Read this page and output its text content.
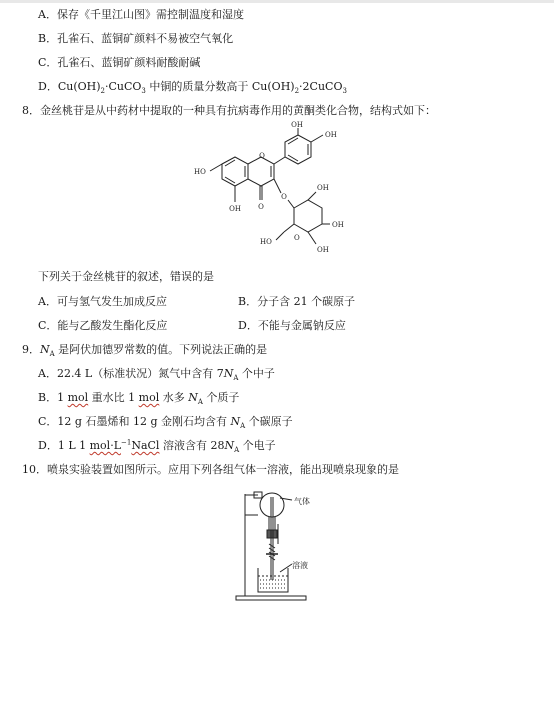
A．保存《千里江山图》需控制温度和湿度
B．孔雀石、蓝铜矿颜料不易被空气氧化
C．孔雀石、蓝铜矿颜料耐酸耐碱
D．$Cu(OH)_2\cdot CuCO_3$ 中铜的质量分数高于 $Cu(OH)_2\cdot 2CuCO_3$
8．金丝桃苷是从中药材中提取的一种具有抗病毒作用的黄酮类化合物，结构式如下：
OH
OH
HO
O
O
OH O
OH
O
OH
HO
OH
下列关于金丝桃苷的叙述，错误的是
A．可与氢气发生加成反应	B．分子含 21 个碳原子
C．能与乙酸发生酯化反应	D．不能与金属钠反应
9．$N_A$ 是阿伏加德罗常数的值。下列说法正确的是
A．22.4 L（标准状况）氮气中含有 $7N_A$ 个中子
B．1 mol 重水比 1 mol 水多 $N_A$ 个质子
C．12 g 石墨烯和 12 g 金刚石均含有 $N_A$ 个碳原子
D．1 L 1 $mol\cdot L^{-1}NaCl$ 溶液含有 $28N_A$ 个电子
10．喷泉实验装置如图所示。应用下列各组气体一溶液，能出现喷泉现象的是
气体
溶液
